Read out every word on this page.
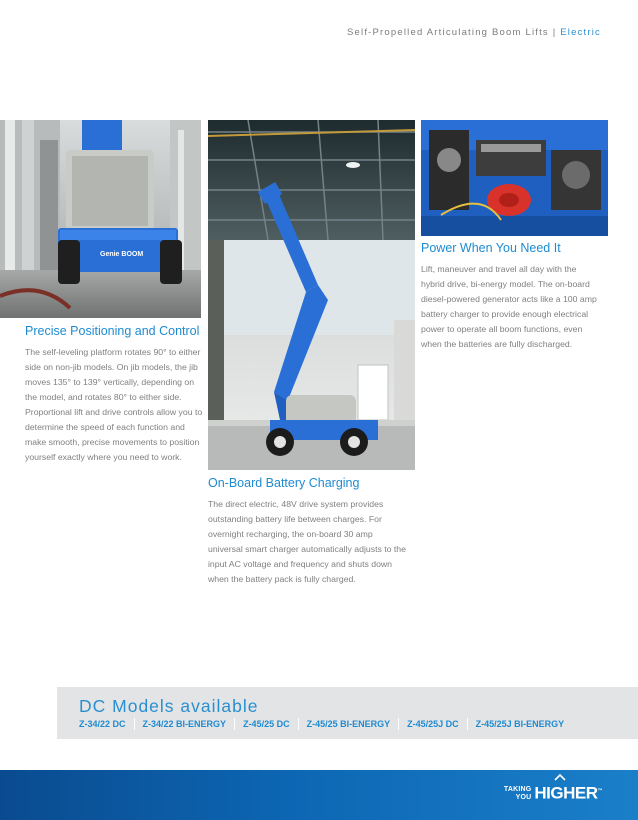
Self-Propelled Articulating Boom Lifts | Electric
Genie BOOM
Precise Positioning and Control

The self-leveling platform rotates 90° to either side on non-jib models. On jib models, the jib moves 135° to 139° vertically, depending on the model, and rotates 80° to either side. Proportional lift and drive controls allow you to determine the speed of each function and make smooth, precise movements to position yourself exactly where you need to work.

On-Board Battery Charging

The direct electric, 48V drive system provides outstanding battery life between charges. For overnight recharging, the on-board 30 amp universal smart charger automatically adjusts to the input AC voltage and frequency and shuts down when the battery pack is fully charged.

Power When You Need It

Lift, maneuver and travel all day with the hybrid drive, bi-energy model. The on-board diesel-powered generator acts like a 100 amp battery charger to provide enough electrical power to operate all boom functions, even when the batteries are fully discharged.

DC Models available
Z-34/22 DC	Z-34/22 BI-ENERGY	Z-45/25 DC	Z-45/25 BI-ENERGY	Z-45/25J DC	Z-45/25J BI-ENERGY
TAKING
YOU HIGHER™
